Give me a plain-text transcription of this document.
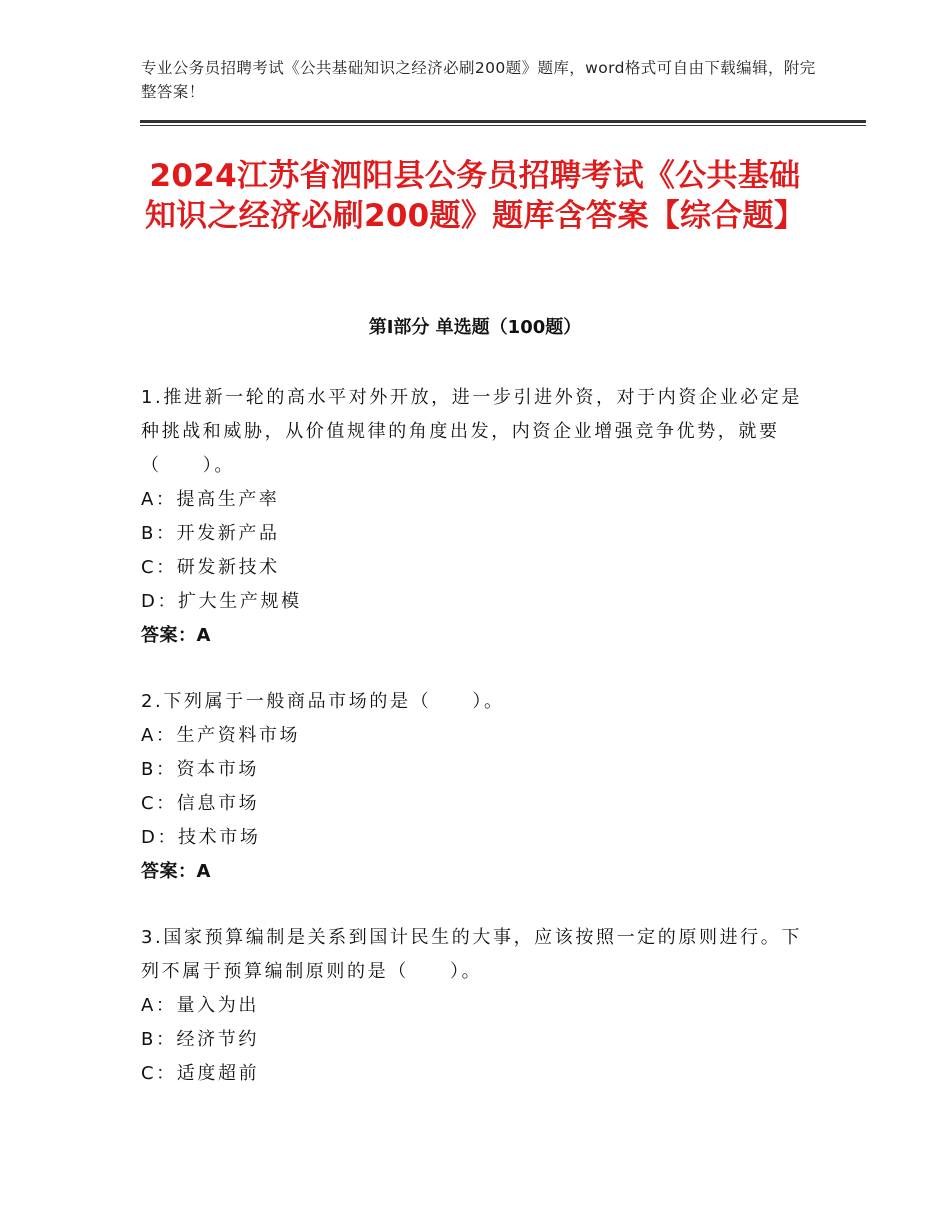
专业公务员招聘考试《公共基础知识之经济必刷200题》题库，word格式可自由下载编辑，附完整答案！
2024江苏省泗阳县公务员招聘考试《公共基础知识之经济必刷200题》题库含答案【综合题】
第I部分 单选题（100题）

1.推进新一轮的高水平对外开放，进一步引进外资，对于内资企业必定是种挑战和威胁，从价值规律的角度出发，内资企业增强竞争优势，就要（　　）。

A：提高生产率
B：开发新产品
C：研发新技术
D：扩大生产规模
答案：A

2.下列属于一般商品市场的是（　　）。

A：生产资料市场
B：资本市场
C：信息市场
D：技术市场
答案：A

3.国家预算编制是关系到国计民生的大事，应该按照一定的原则进行。下列不属于预算编制原则的是（　　）。

A：量入为出
B：经济节约
C：适度超前
